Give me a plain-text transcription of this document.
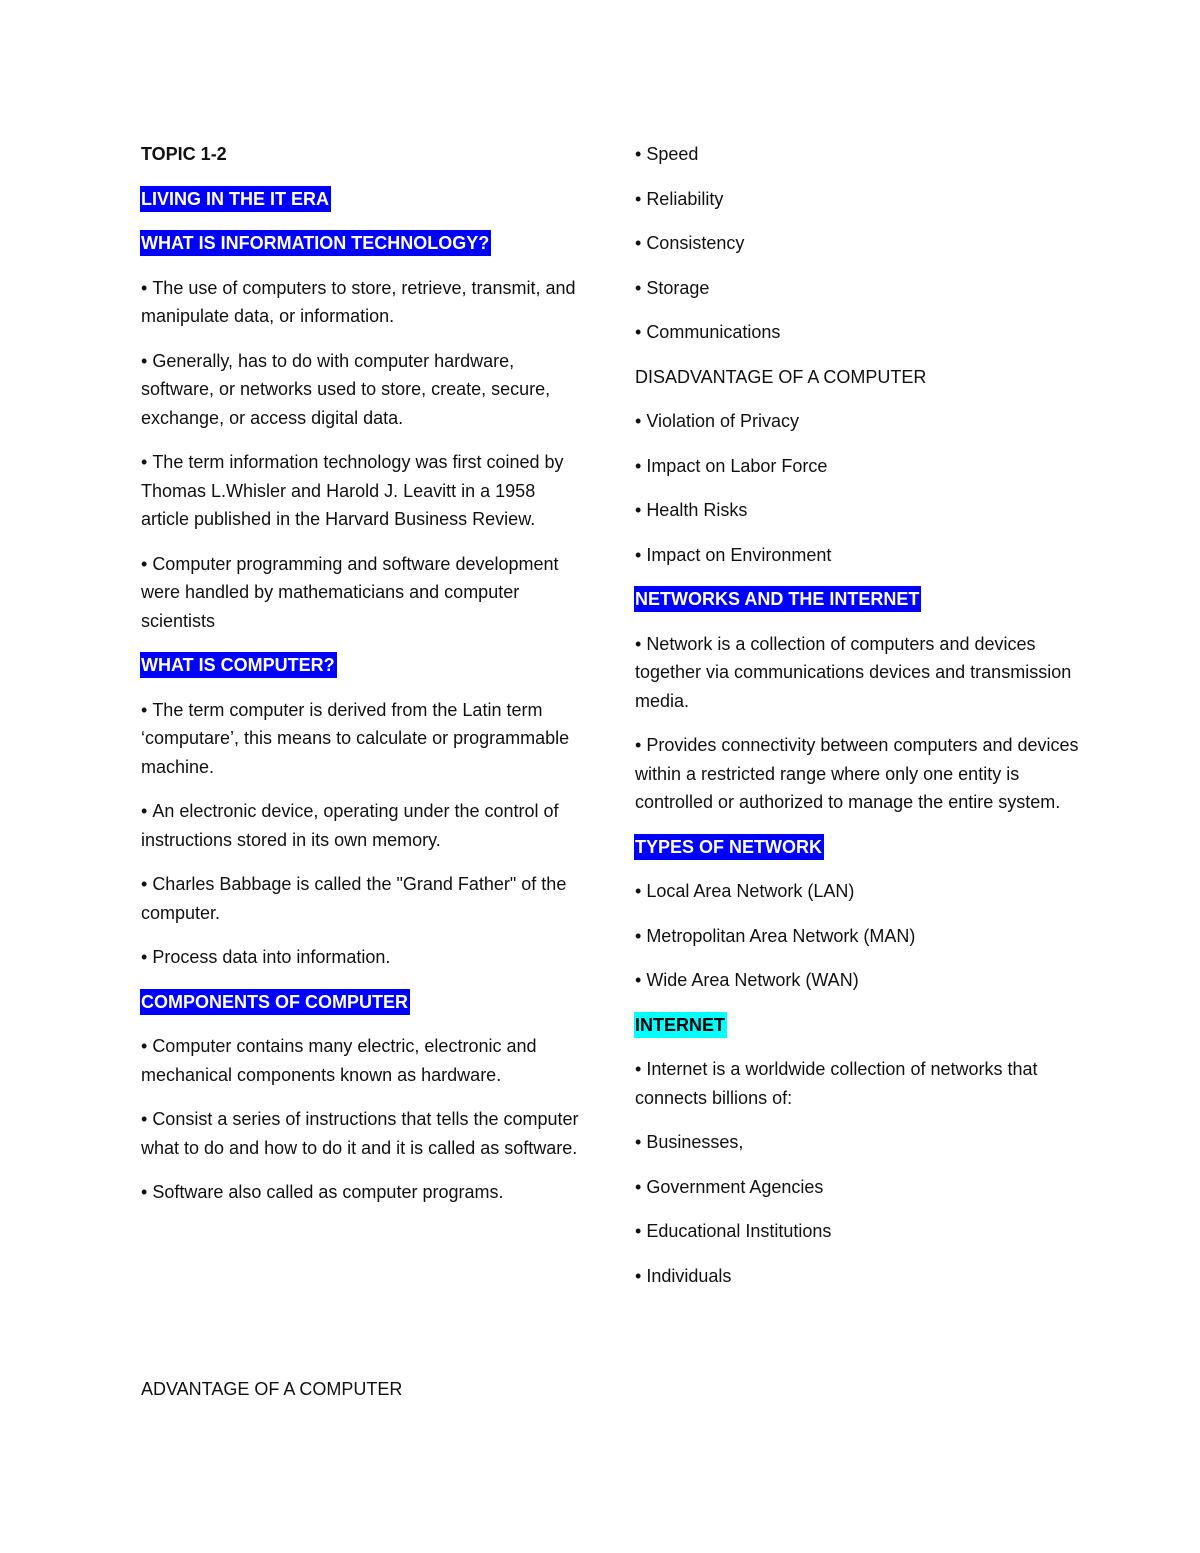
TOPIC 1-2
LIVING IN THE IT ERA
WHAT IS INFORMATION TECHNOLOGY?
• The use of computers to store, retrieve, transmit, and manipulate data, or information.
• Generally, has to do with computer hardware, software, or networks used to store, create, secure, exchange, or access digital data.
• The term information technology was first coined by Thomas L.Whisler and Harold J. Leavitt in a 1958 article published in the Harvard Business Review.
• Computer programming and software development were handled by mathematicians and computer scientists
WHAT IS COMPUTER?
• The term computer is derived from the Latin term ‘computare’, this means to calculate or programmable machine.
• An electronic device, operating under the control of instructions stored in its own memory.
• Charles Babbage is called the "Grand Father" of the computer.
• Process data into information.
COMPONENTS OF COMPUTER
• Computer contains many electric, electronic and mechanical components known as hardware.
• Consist a series of instructions that tells the computer what to do and how to do it and it is called as software.
• Software also called as computer programs.
ADVANTAGE OF A COMPUTER
• Speed
• Reliability
• Consistency
• Storage
• Communications
DISADVANTAGE OF A COMPUTER
• Violation of Privacy
• Impact on Labor Force
• Health Risks
• Impact on Environment
NETWORKS AND THE INTERNET
• Network is a collection of computers and devices together via communications devices and transmission media.
• Provides connectivity between computers and devices within a restricted range where only one entity is controlled or authorized to manage the entire system.
TYPES OF NETWORK
• Local Area Network (LAN)
• Metropolitan Area Network (MAN)
• Wide Area Network (WAN)
INTERNET
• Internet is a worldwide collection of networks that connects billions of:
• Businesses,
• Government Agencies
• Educational Institutions
• Individuals
